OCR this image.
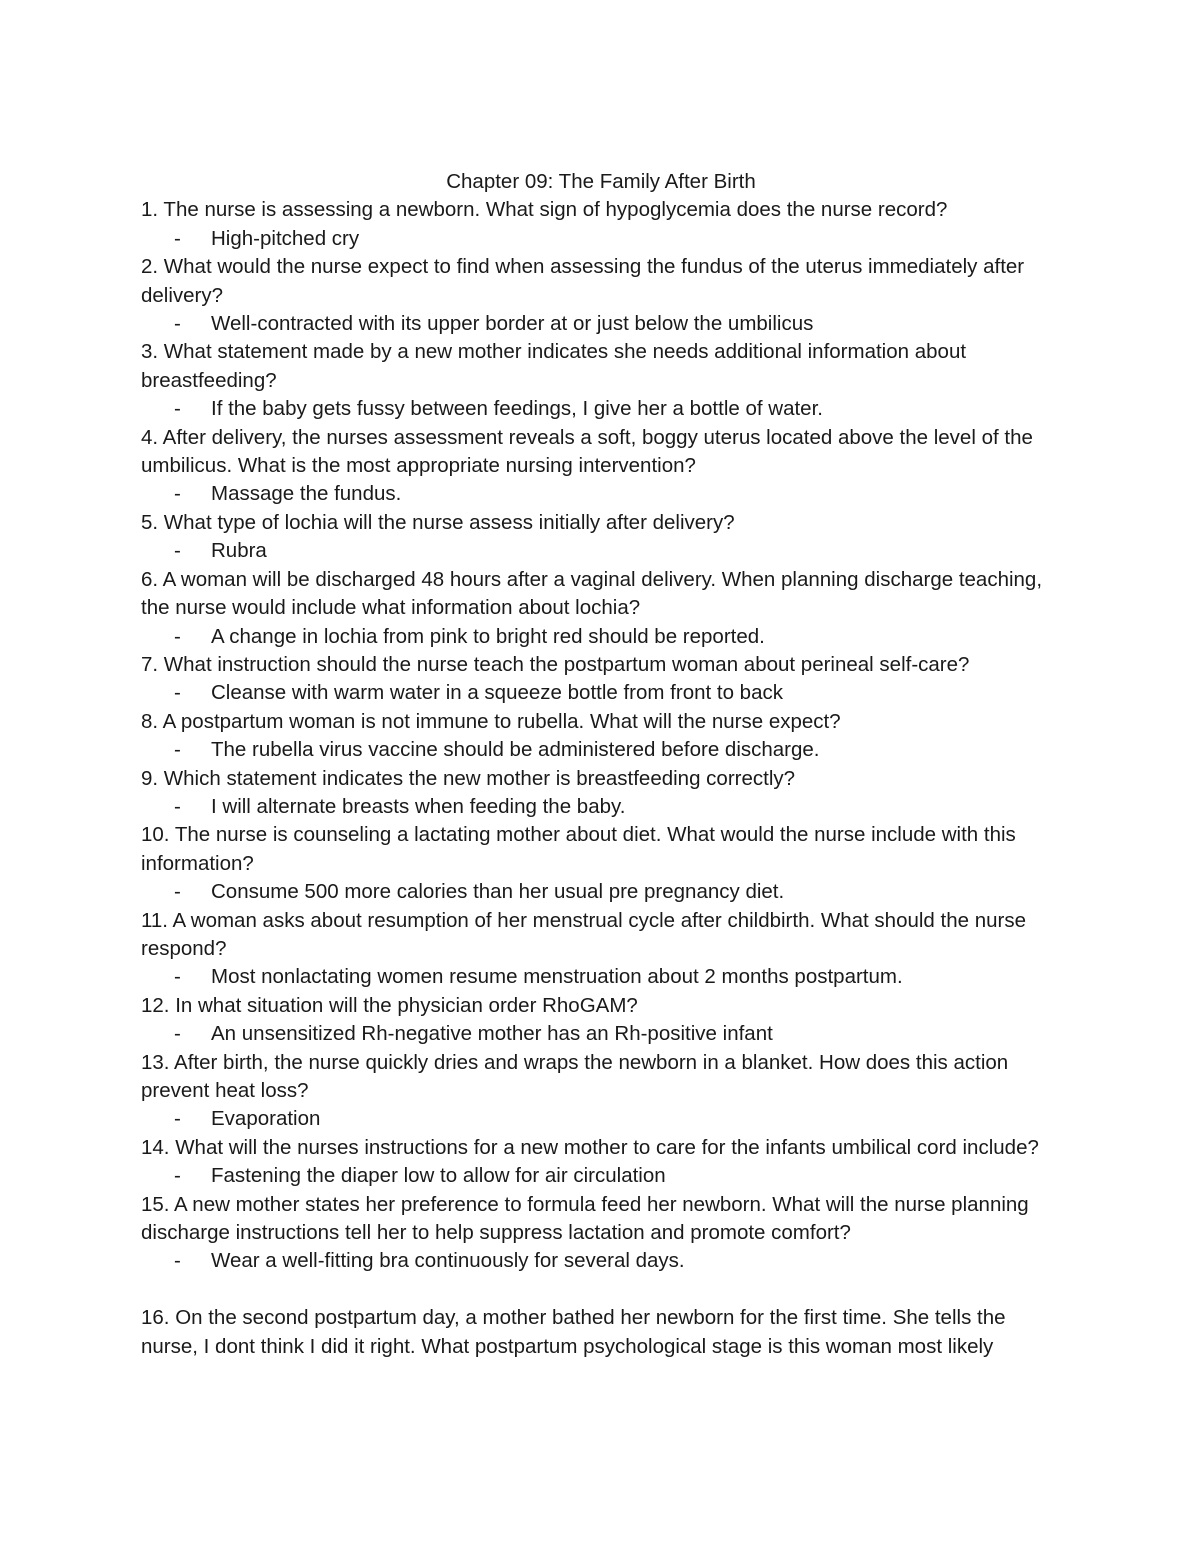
Chapter 09: The Family After Birth

1. The nurse is assessing a newborn. What sign of hypoglycemia does the nurse record?

- High-pitched cry

2. What would the nurse expect to find when assessing the fundus of the uterus immediately after delivery?

- Well-contracted with its upper border at or just below the umbilicus

3. What statement made by a new mother indicates she needs additional information about breastfeeding?

- If the baby gets fussy between feedings, I give her a bottle of water.

4. After delivery, the nurses assessment reveals a soft, boggy uterus located above the level of the umbilicus. What is the most appropriate nursing intervention?

- Massage the fundus.

5. What type of lochia will the nurse assess initially after delivery?

- Rubra

6. A woman will be discharged 48 hours after a vaginal delivery. When planning discharge teaching, the nurse would include what information about lochia?

- A change in lochia from pink to bright red should be reported.

7. What instruction should the nurse teach the postpartum woman about perineal self-care?

- Cleanse with warm water in a squeeze bottle from front to back

8. A postpartum woman is not immune to rubella. What will the nurse expect?

- The rubella virus vaccine should be administered before discharge.

9. Which statement indicates the new mother is breastfeeding correctly?

- I will alternate breasts when feeding the baby.

10. The nurse is counseling a lactating mother about diet. What would the nurse include with this information?

- Consume 500 more calories than her usual pre pregnancy diet.

11. A woman asks about resumption of her menstrual cycle after childbirth. What should the nurse respond?

- Most nonlactating women resume menstruation about 2 months postpartum.

12. In what situation will the physician order RhoGAM?

- An unsensitized Rh-negative mother has an Rh-positive infant

13. After birth, the nurse quickly dries and wraps the newborn in a blanket. How does this action prevent heat loss?

- Evaporation

14. What will the nurses instructions for a new mother to care for the infants umbilical cord include?

- Fastening the diaper low to allow for air circulation

15. A new mother states her preference to formula feed her newborn. What will the nurse planning discharge instructions tell her to help suppress lactation and promote comfort?

- Wear a well-fitting bra continuously for several days.

16. On the second postpartum day, a mother bathed her newborn for the first time. She tells the nurse, I dont think I did it right. What postpartum psychological stage is this woman most likely
